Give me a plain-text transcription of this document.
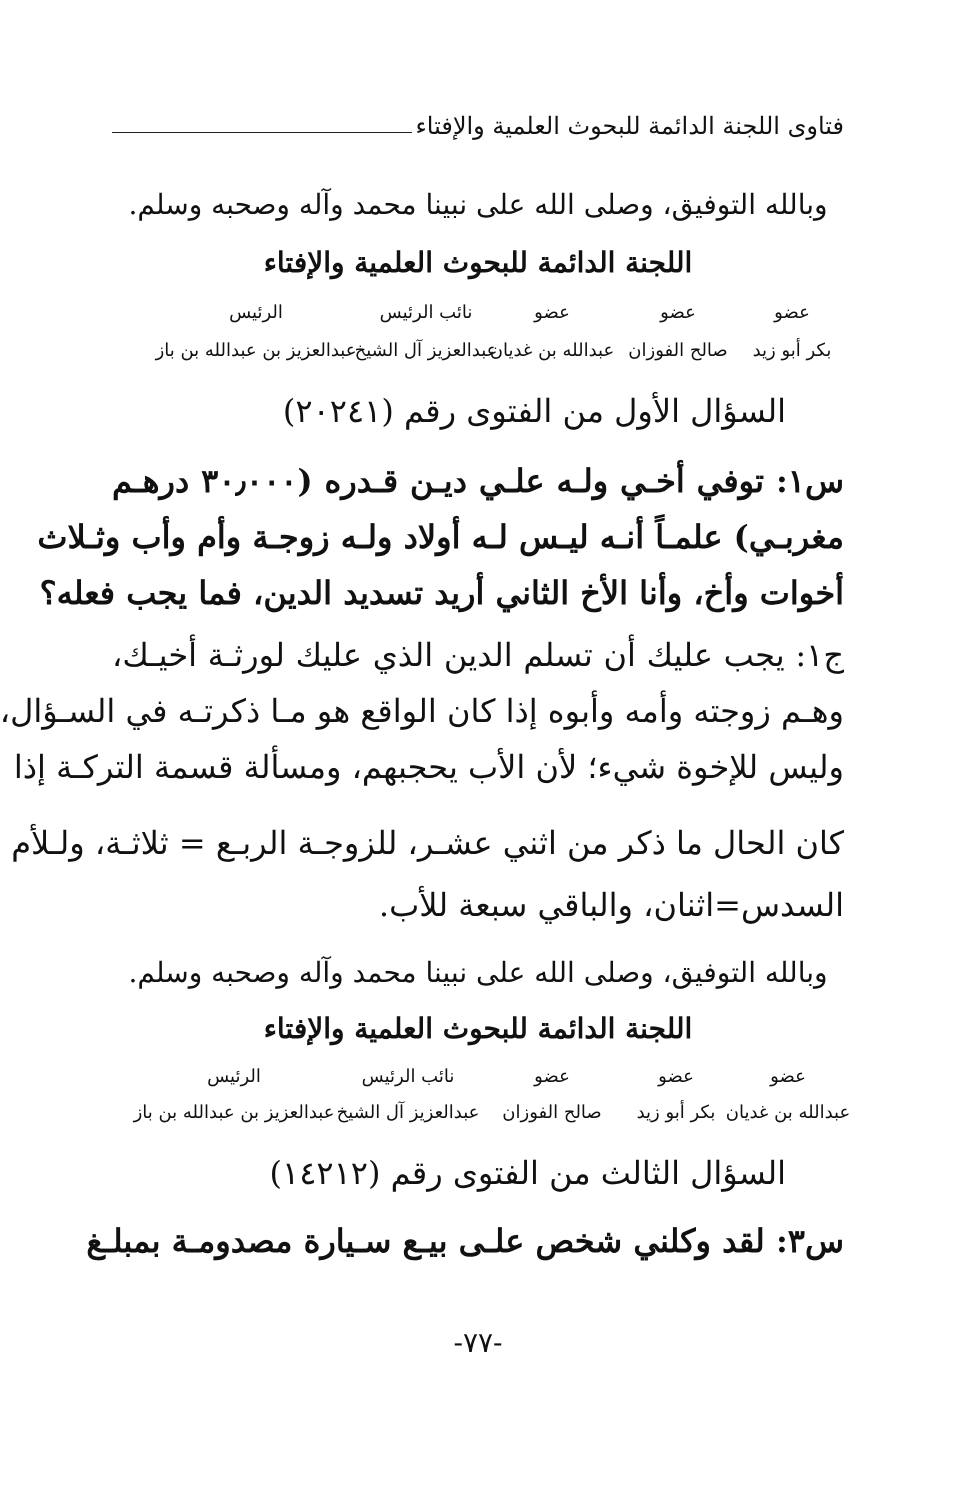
فتاوى اللجنة الدائمة للبحوث العلمية والإفتاء
وبالله التوفيق، وصلى الله على نبينا محمد وآله وصحبه وسلم.
اللجنة الدائمة للبحوث العلمية والإفتاء
عضو
عضو
عضو
نائب الرئيس
الرئيس
بكر أبو زيد
صالح الفوزان
عبدالله بن غديان
عبدالعزيز آل الشيخ
عبدالعزيز بن عبدالله بن باز
السؤال الأول من الفتوى رقم (٢٠٢٤١)
س١: توفي أخـي ولـه علـي ديـن قـدره (٣٠٫٠٠٠ درهـم
مغربـي) علمـاً أنـه ليـس لـه أولاد ولـه زوجـة وأم وأب وثـلاث
أخوات وأخ، وأنا الأخ الثاني أريد تسديد الدين، فما يجب فعله؟
ج١: يجب عليك أن تسلم الدين الذي عليك لورثـة أخيـك،
وهـم زوجته وأمه وأبوه إذا كان الواقع هو مـا ذكرتـه في السـؤال،
وليس للإخوة شيء؛ لأن الأب يحجبهم، ومسألة قسمة التركـة إذا
كان الحال ما ذكر من اثني عشـر، للزوجـة الربـع = ثلاثـة، ولـلأم
السدس=اثنان، والباقي سبعة للأب.
وبالله التوفيق، وصلى الله على نبينا محمد وآله وصحبه وسلم.
اللجنة الدائمة للبحوث العلمية والإفتاء
عضو
عضو
عضو
نائب الرئيس
الرئيس
عبدالله بن غديان
بكر أبو زيد
صالح الفوزان
عبدالعزيز آل الشيخ
عبدالعزيز بن عبدالله بن باز
السؤال الثالث من الفتوى رقم (١٤٢١٢)
س٣: لقد وكلني شخص علـى بيـع سـيارة مصدومـة بمبلـغ
-٧٧-
